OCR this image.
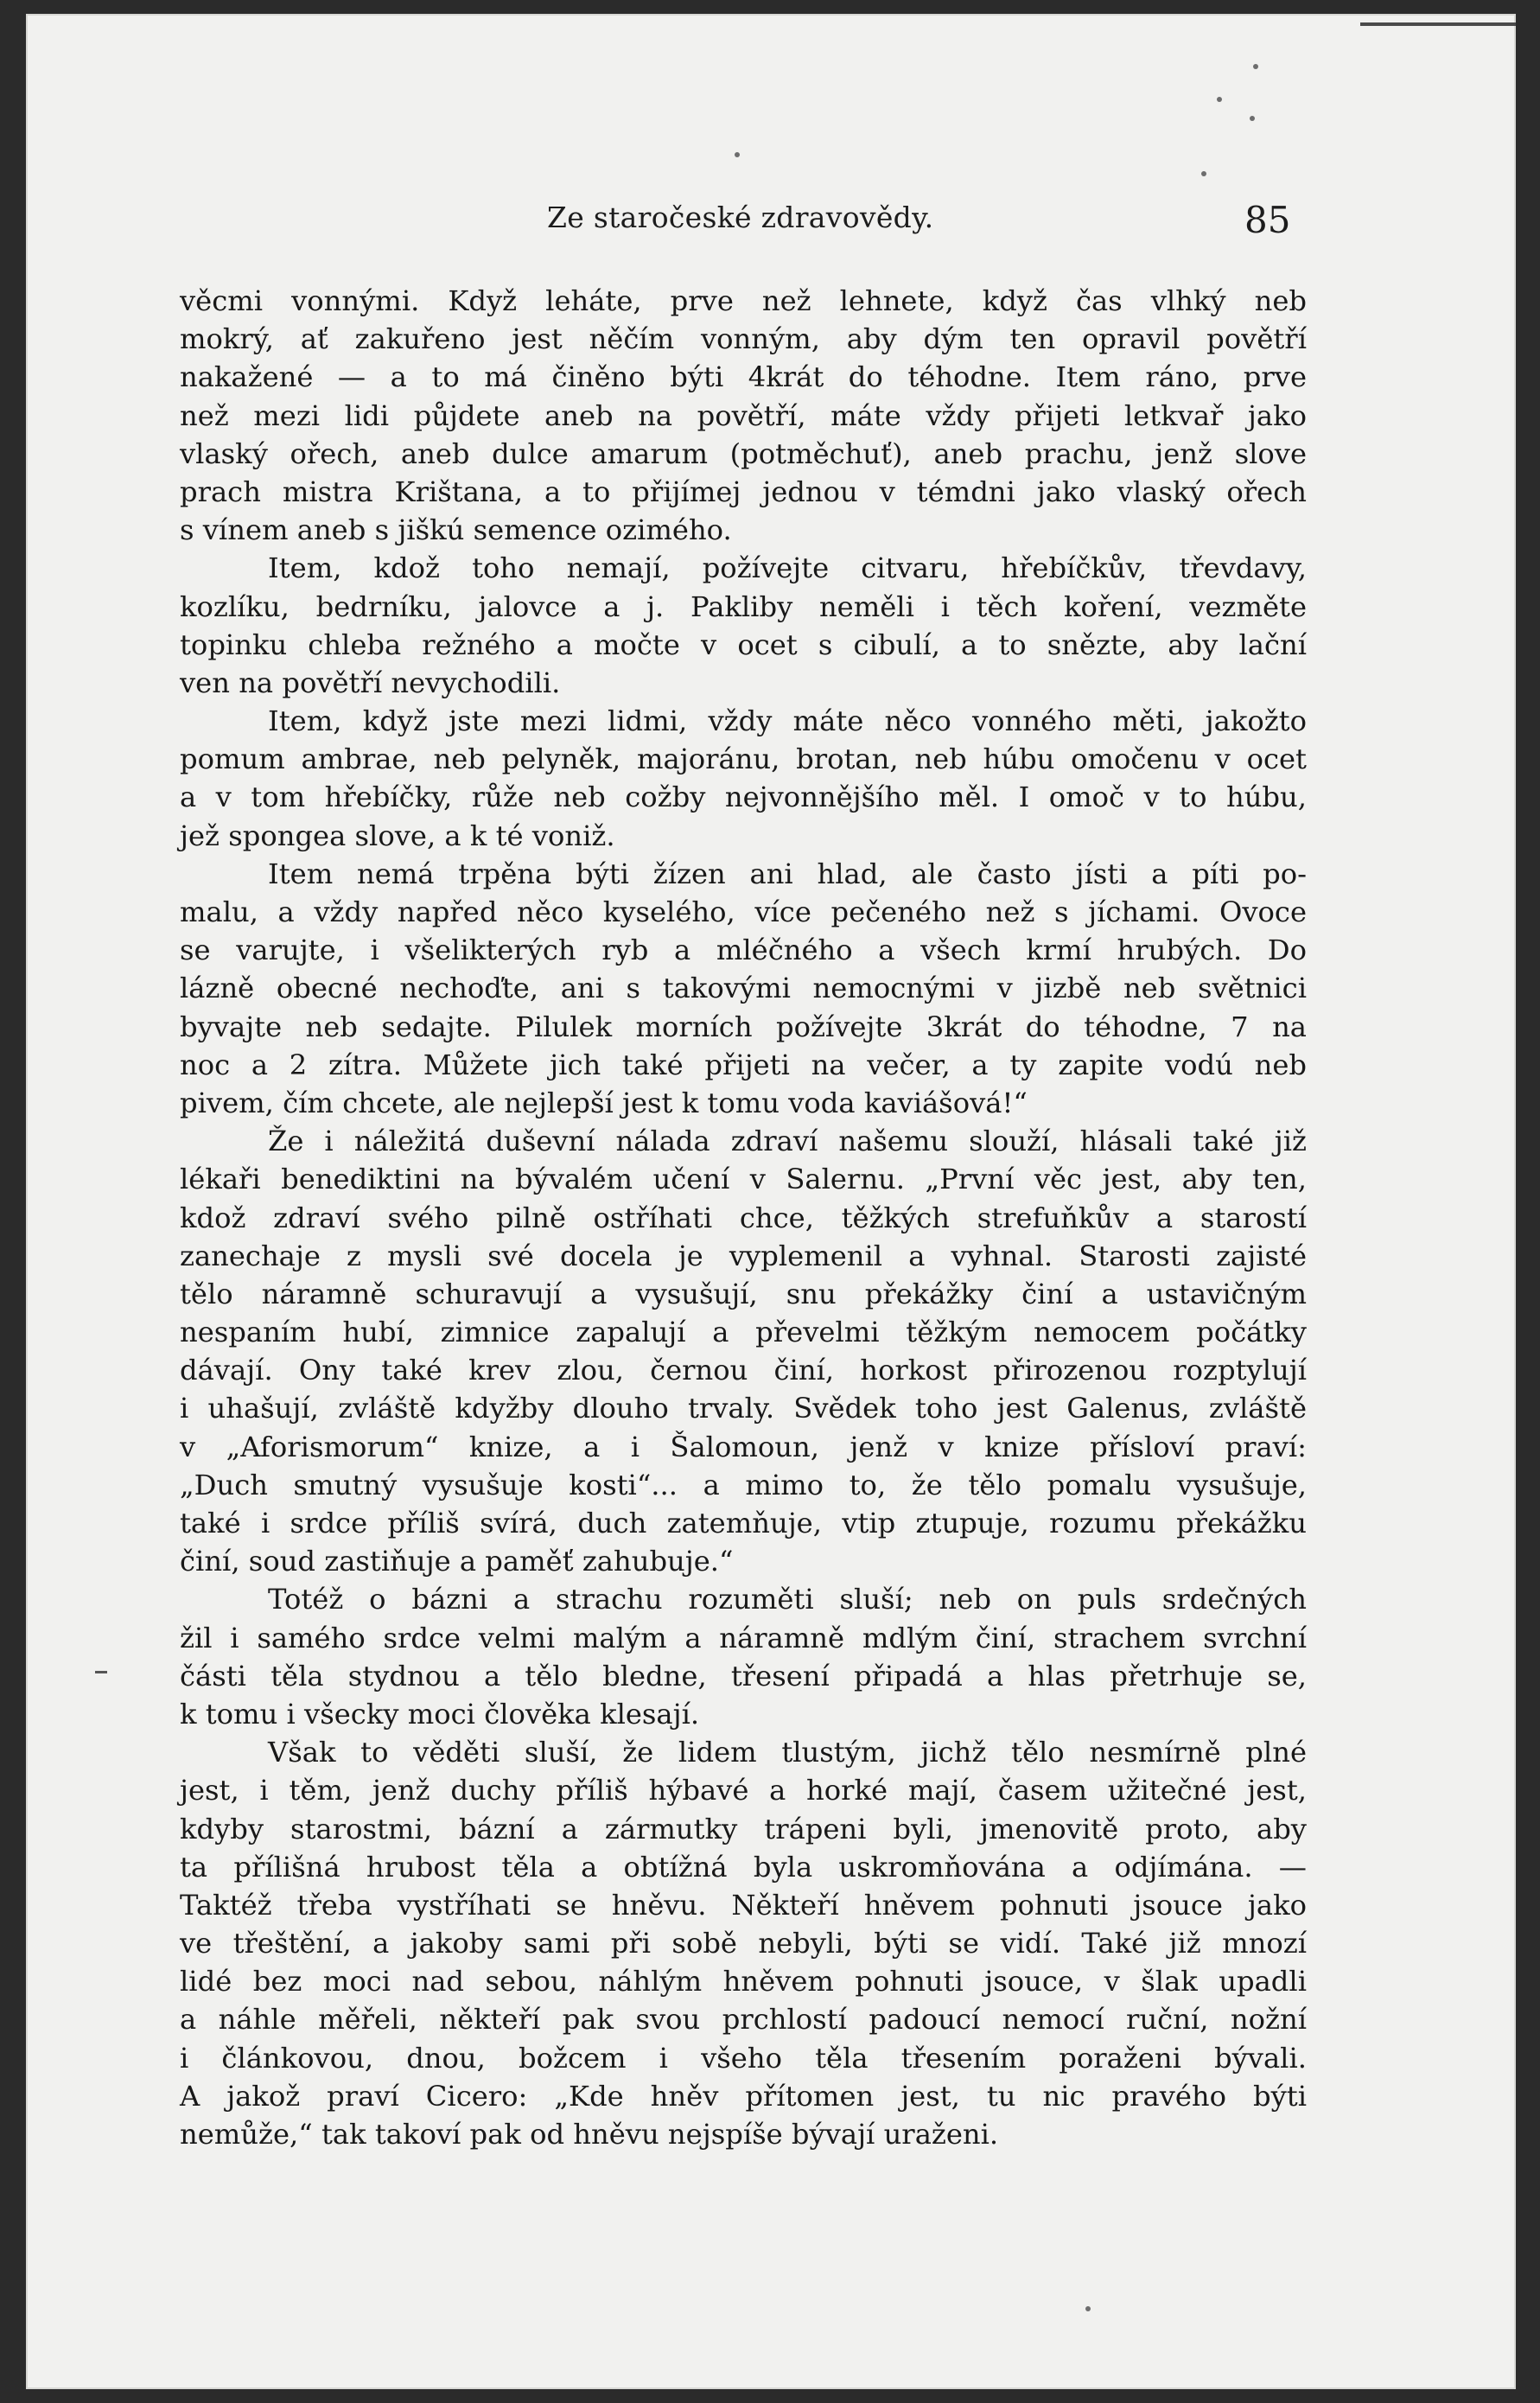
Ze staročeské zdravovědy.	85
věcmi vonnými. Když leháte, prve než lehnete, když čas vlhký neb
mokrý, ať zakuřeno jest něčím vonným, aby dým ten opravil povětří
nakažené — a to má činěno býti 4krát do téhodne. Item ráno, prve
než mezi lidi půjdete aneb na povětří, máte vždy přijeti letkvař jako
vlaský ořech, aneb dulce amarum (potměchuť), aneb prachu, jenž slove
prach mistra Krištana, a to přijímej jednou v témdni jako vlaský ořech
s vínem aneb s jiškú semence ozimého.
Item, kdož toho nemají, požívejte citvaru, hřebíčkův, třevdavy,
kozlíku, bedrníku, jalovce a j. Pakliby neměli i těch koření, vezměte
topinku chleba režného a močte v ocet s cibulí, a to snězte, aby lační
ven na povětří nevychodili.
Item, když jste mezi lidmi, vždy máte něco vonného měti, jakožto
pomum ambrae, neb pelyněk, majoránu, brotan, neb húbu omočenu v ocet
a v tom hřebíčky, růže neb cožby nejvonnějšího měl. I omoč v to húbu,
jež spongea slove, a k té voniž.
Item nemá trpěna býti žízen ani hlad, ale často jísti a píti po-
malu, a vždy napřed něco kyselého, více pečeného než s jíchami. Ovoce
se varujte, i všelikterých ryb a mléčného a všech krmí hrubých. Do
lázně obecné nechoďte, ani s takovými nemocnými v jizbě neb světnici
byvajte neb sedajte. Pilulek morních požívejte 3krát do téhodne, 7 na
noc a 2 zítra. Můžete jich také přijeti na večer, a ty zapite vodú neb
pivem, čím chcete, ale nejlepší jest k tomu voda kaviášová!“
Že i náležitá duševní nálada zdraví našemu slouží, hlásali také již
lékaři benediktini na bývalém učení v Salernu. „První věc jest, aby ten,
kdož zdraví svého pilně ostříhati chce, těžkých strefuňkův a starostí
zanechaje z mysli své docela je vyplemenil a vyhnal. Starosti zajisté
tělo náramně schuravují a vysušují, snu překážky činí a ustavičným
nespaním hubí, zimnice zapalují a převelmi těžkým nemocem počátky
dávají. Ony také krev zlou, černou činí, horkost přirozenou rozptylují
i uhašují, zvláště kdyžby dlouho trvaly. Svědek toho jest Galenus, zvláště
v „Aforismorum“ knize, a i Šalomoun, jenž v knize přísloví praví:
„Duch smutný vysušuje kosti“... a mimo to, že tělo pomalu vysušuje,
také i srdce příliš svírá, duch zatemňuje, vtip ztupuje, rozumu překážku
činí, soud zastiňuje a paměť zahubuje.“
Totéž o bázni a strachu rozuměti sluší; neb on puls srdečných
žil i samého srdce velmi malým a náramně mdlým činí, strachem svrchní
části těla stydnou a tělo bledne, třesení připadá a hlas přetrhuje se,
k tomu i všecky moci člověka klesají.
Však to věděti sluší, že lidem tlustým, jichž tělo nesmírně plné
jest, i těm, jenž duchy příliš hýbavé a horké mají, časem užitečné jest,
kdyby starostmi, bázní a zármutky trápeni byli, jmenovitě proto, aby
ta přílišná hrubost těla a obtížná byla uskromňována a odjímána. —
Taktéž třeba vystříhati se hněvu. Někteří hněvem pohnuti jsouce jako
ve třeštění, a jakoby sami při sobě nebyli, býti se vidí. Také již mnozí
lidé bez moci nad sebou, náhlým hněvem pohnuti jsouce, v šlak upadli
a náhle měřeli, někteří pak svou prchlostí padoucí nemocí ruční, nožní
i článkovou, dnou, božcem i všeho těla třesením poraženi bývali.
A jakož praví Cicero: „Kde hněv přítomen jest, tu nic pravého býti
nemůže,“ tak takoví pak od hněvu nejspíše bývají uraženi.
